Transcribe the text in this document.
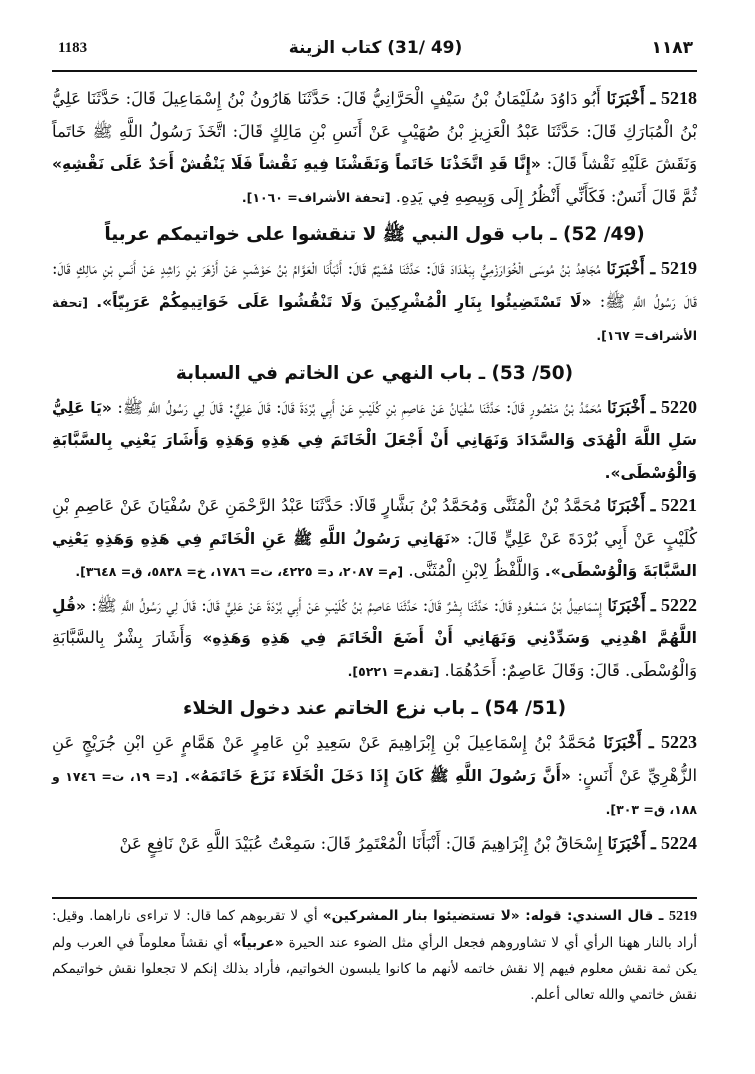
1183	(49 /31) كتاب الزينة	١١٨٣

5218 ـ أَخْبَرَنَا أَبُو دَاوُدَ سُلَيْمَانُ بْنُ سَيْفٍ الْحَرَّانِيُّ قَالَ: حَدَّثَنَا هَارُونُ بْنُ إِسْمَاعِيلَ قَالَ: حَدَّثَنَا عَلِيُّ بْنُ الْمُبَارَكِ قَالَ: حَدَّثَنَا عَبْدُ الْعَزِيزِ بْنُ صُهَيْبٍ عَنْ أَنَسِ بْنِ مَالِكٍ قَالَ: اتَّخَذَ رَسُولُ اللَّهِ ﷺ خَاتَماً وَنَقَشَ عَلَيْهِ نَقْشاً قَالَ: «إِنَّا قَدِ اتَّخَذْنَا خَاتَماً وَنَقَشْنَا فِيهِ نَقْشاً فَلَا يَنْقُشْ أَحَدٌ عَلَى نَقْشِهِ» ثُمَّ قَالَ أَنَسٌ: فَكَأَنِّي أَنْظُرُ إِلَى وَبِيصِهِ فِي يَدِهِ. [تحفة الأشراف= ١٠٦٠].

(49/ 52) ـ باب قول النبي ﷺ لا تنقشوا على خواتيمكم عربياً

5219 ـ أَخْبَرَنَا مُجَاهِدُ بْنُ مُوسَى الْخُوَارَزْمِيُّ بِبَغْدَادَ قَالَ: حَدَّثَنَا هُشَيْمٌ قَالَ: أَنْبَأَنَا الْعَوَّامُ بْنُ حَوْشَبٍ عَنْ أَزْهَرَ بْنِ رَاشِدٍ عَنْ أَنَسِ بْنِ مَالِكٍ قَالَ: قَالَ رَسُولُ اللَّهِ ﷺ: «لَا تَسْتَضِيئُوا بِنَارِ الْمُشْرِكِينَ وَلَا تَنْقُشُوا عَلَى خَوَاتِيمِكُمْ عَرَبِيّاً». [تحفة الأشراف= ١٦٧].

(50/ 53) ـ باب النهي عن الخاتم في السبابة

5220 ـ أَخْبَرَنَا مُحَمَّدُ بْنُ مَنْصُورٍ قَالَ: حَدَّثَنَا سُفْيَانُ عَنْ عَاصِمِ بْنِ كُلَيْبٍ عَنْ أَبِي بُرْدَةَ قَالَ: قَالَ عَلِيٌّ: قَالَ لِي رَسُولُ اللَّهِ ﷺ: «يَا عَلِيُّ سَلِ اللَّهَ الْهُدَى وَالسَّدَادَ وَنَهَانِي أَنْ أَجْعَلَ الْخَاتَمَ فِي هَذِهِ وَهَذِهِ وَأَشَارَ يَعْنِي بِالسَّبَّابَةِ وَالْوُسْطَى».

5221 ـ أَخْبَرَنَا مُحَمَّدُ بْنُ الْمُثَنَّى وَمُحَمَّدُ بْنُ بَشَّارٍ قَالَا: حَدَّثَنَا عَبْدُ الرَّحْمَنِ عَنْ سُفْيَانَ عَنْ عَاصِمِ بْنِ كُلَيْبٍ عَنْ أَبِي بُرْدَةَ عَنْ عَلِيٍّ قَالَ: «نَهَانِي رَسُولُ اللَّهِ ﷺ عَنِ الْخَاتَمِ فِي هَذِهِ وَهَذِهِ يَعْنِي السَّبَّابَةَ وَالْوُسْطَى». وَاللَّفْظُ لِابْنِ الْمُثَنَّى. [م= ٢٠٨٧، د= ٤٢٢٥، ت= ١٧٨٦، خ= ٥٨٣٨، ق= ٣٦٤٨].

5222 ـ أَخْبَرَنَا إِسْمَاعِيلُ بْنُ مَسْعُودٍ قَالَ: حَدَّثَنَا بِشْرٌ قَالَ: حَدَّثَنَا عَاصِمُ بْنُ كُلَيْبٍ عَنْ أَبِي بُرْدَةَ عَنْ عَلِيٍّ قَالَ: قَالَ لِي رَسُولُ اللَّهِ ﷺ: «قُلِ اللَّهُمَّ اهْدِنِي وَسَدِّدْنِي وَنَهَانِي أَنْ أَضَعَ الْخَاتَمَ فِي هَذِهِ وَهَذِهِ» وَأَشَارَ بِشْرٌ بِالسَّبَّابَةِ وَالْوُسْطَى. قَالَ: وَقَالَ عَاصِمٌ: أَحَدُهُمَا. [تقدم= ٥٢٢١].

(51/ 54) ـ باب نزع الخاتم عند دخول الخلاء

5223 ـ أَخْبَرَنَا مُحَمَّدُ بْنُ إِسْمَاعِيلَ بْنِ إِبْرَاهِيمَ عَنْ سَعِيدِ بْنِ عَامِرٍ عَنْ هَمَّامٍ عَنِ ابْنِ جُرَيْجٍ عَنِ الزُّهْرِيِّ عَنْ أَنَسٍ: «أَنَّ رَسُولَ اللَّهِ ﷺ كَانَ إِذَا دَخَلَ الْخَلَاءَ نَزَعَ خَاتَمَهُ». [د= ١٩، ت= ١٧٤٦ و ١٨٨، ق= ٣٠٣].

5224 ـ أَخْبَرَنَا إِسْحَاقُ بْنُ إِبْرَاهِيمَ قَالَ: أَنْبَأَنَا الْمُعْتَمِرُ قَالَ: سَمِعْتُ عُبَيْدَ اللَّهِ عَنْ نَافِعٍ عَنْ

5219 ـ قال السندي: قوله: «لا تستضيئوا بنار المشركين» أي لا تقربوهم كما قال: لا تراءى ناراهما. وقيل: أراد بالنار ههنا الرأي أي لا تشاوروهم فجعل الرأي مثل الضوء عند الحيرة «عربياً» أي نقشاً معلوماً في العرب ولم يكن ثمة نقش معلوم فيهم إلا نقش خاتمه لأنهم ما كانوا يلبسون الخواتيم، فأراد بذلك إنكم لا تجعلوا نقش خواتيمكم نقش خاتمي والله تعالى أعلم.
